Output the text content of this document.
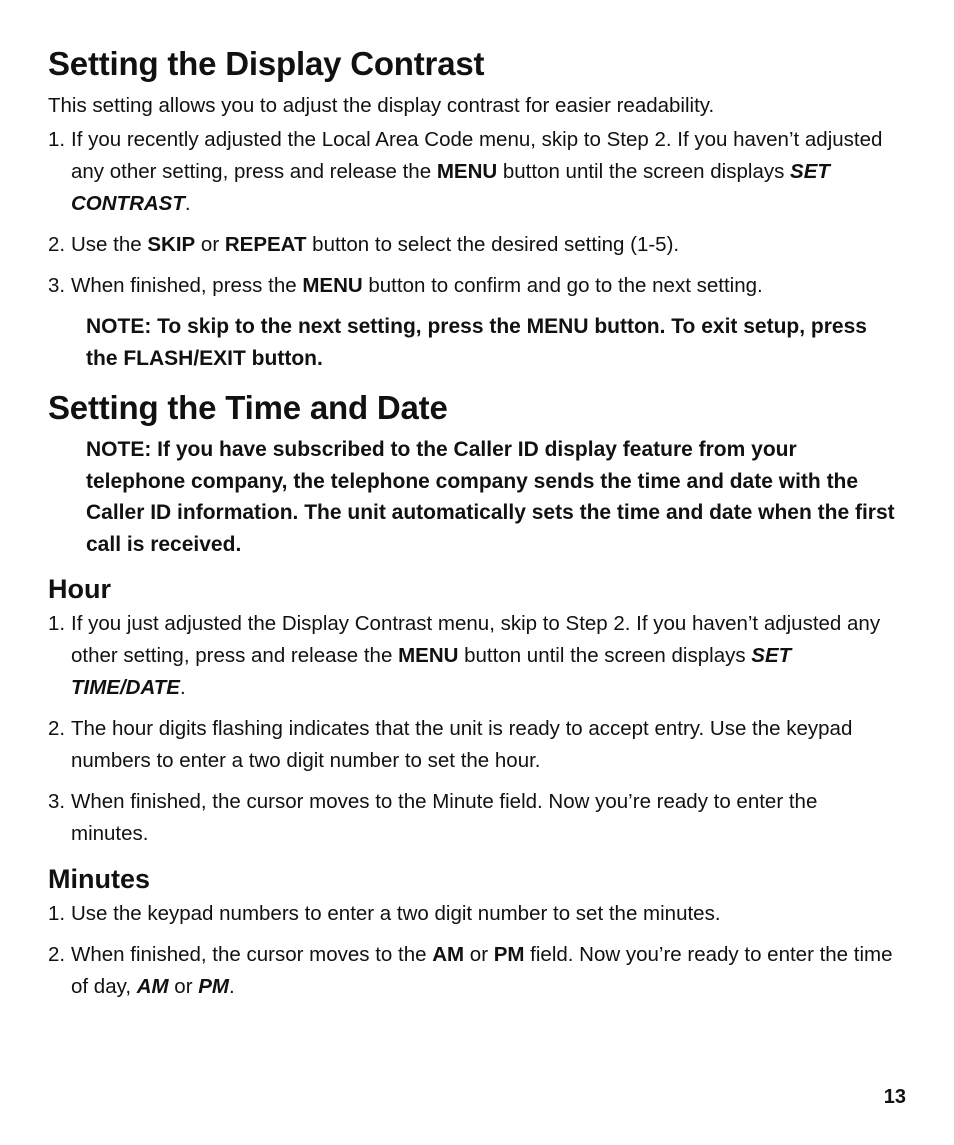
Setting the Display Contrast

This setting allows you to adjust the display contrast for easier readability.

1. If you recently adjusted the Local Area Code menu, skip to Step 2. If you haven’t adjusted any other setting, press and release the MENU button until the screen displays SET CONTRAST.
2. Use the SKIP or REPEAT button to select the desired setting (1-5).
3. When finished, press the MENU button to confirm and go to the next setting.
NOTE: To skip to the next setting, press the MENU button. To exit setup, press the FLASH/EXIT button.
Setting the Time and Date
NOTE: If you have subscribed to the Caller ID display feature from your telephone company, the telephone company sends the time and date with the Caller ID information. The unit automatically sets the time and date when the first call is received.
Hour
1. If you just adjusted the Display Contrast menu, skip to Step 2. If you haven’t adjusted any other setting, press and release the MENU button until the screen displays SET TIME/DATE.
2. The hour digits flashing indicates that the unit is ready to accept entry. Use the keypad numbers to enter a two digit number to set the hour.
3. When finished, the cursor moves to the Minute field. Now you’re ready to enter the minutes.
Minutes
1. Use the keypad numbers to enter a two digit number to set the minutes.
2. When finished, the cursor moves to the AM or PM field. Now you’re ready to enter the time of day, AM or PM.
13
